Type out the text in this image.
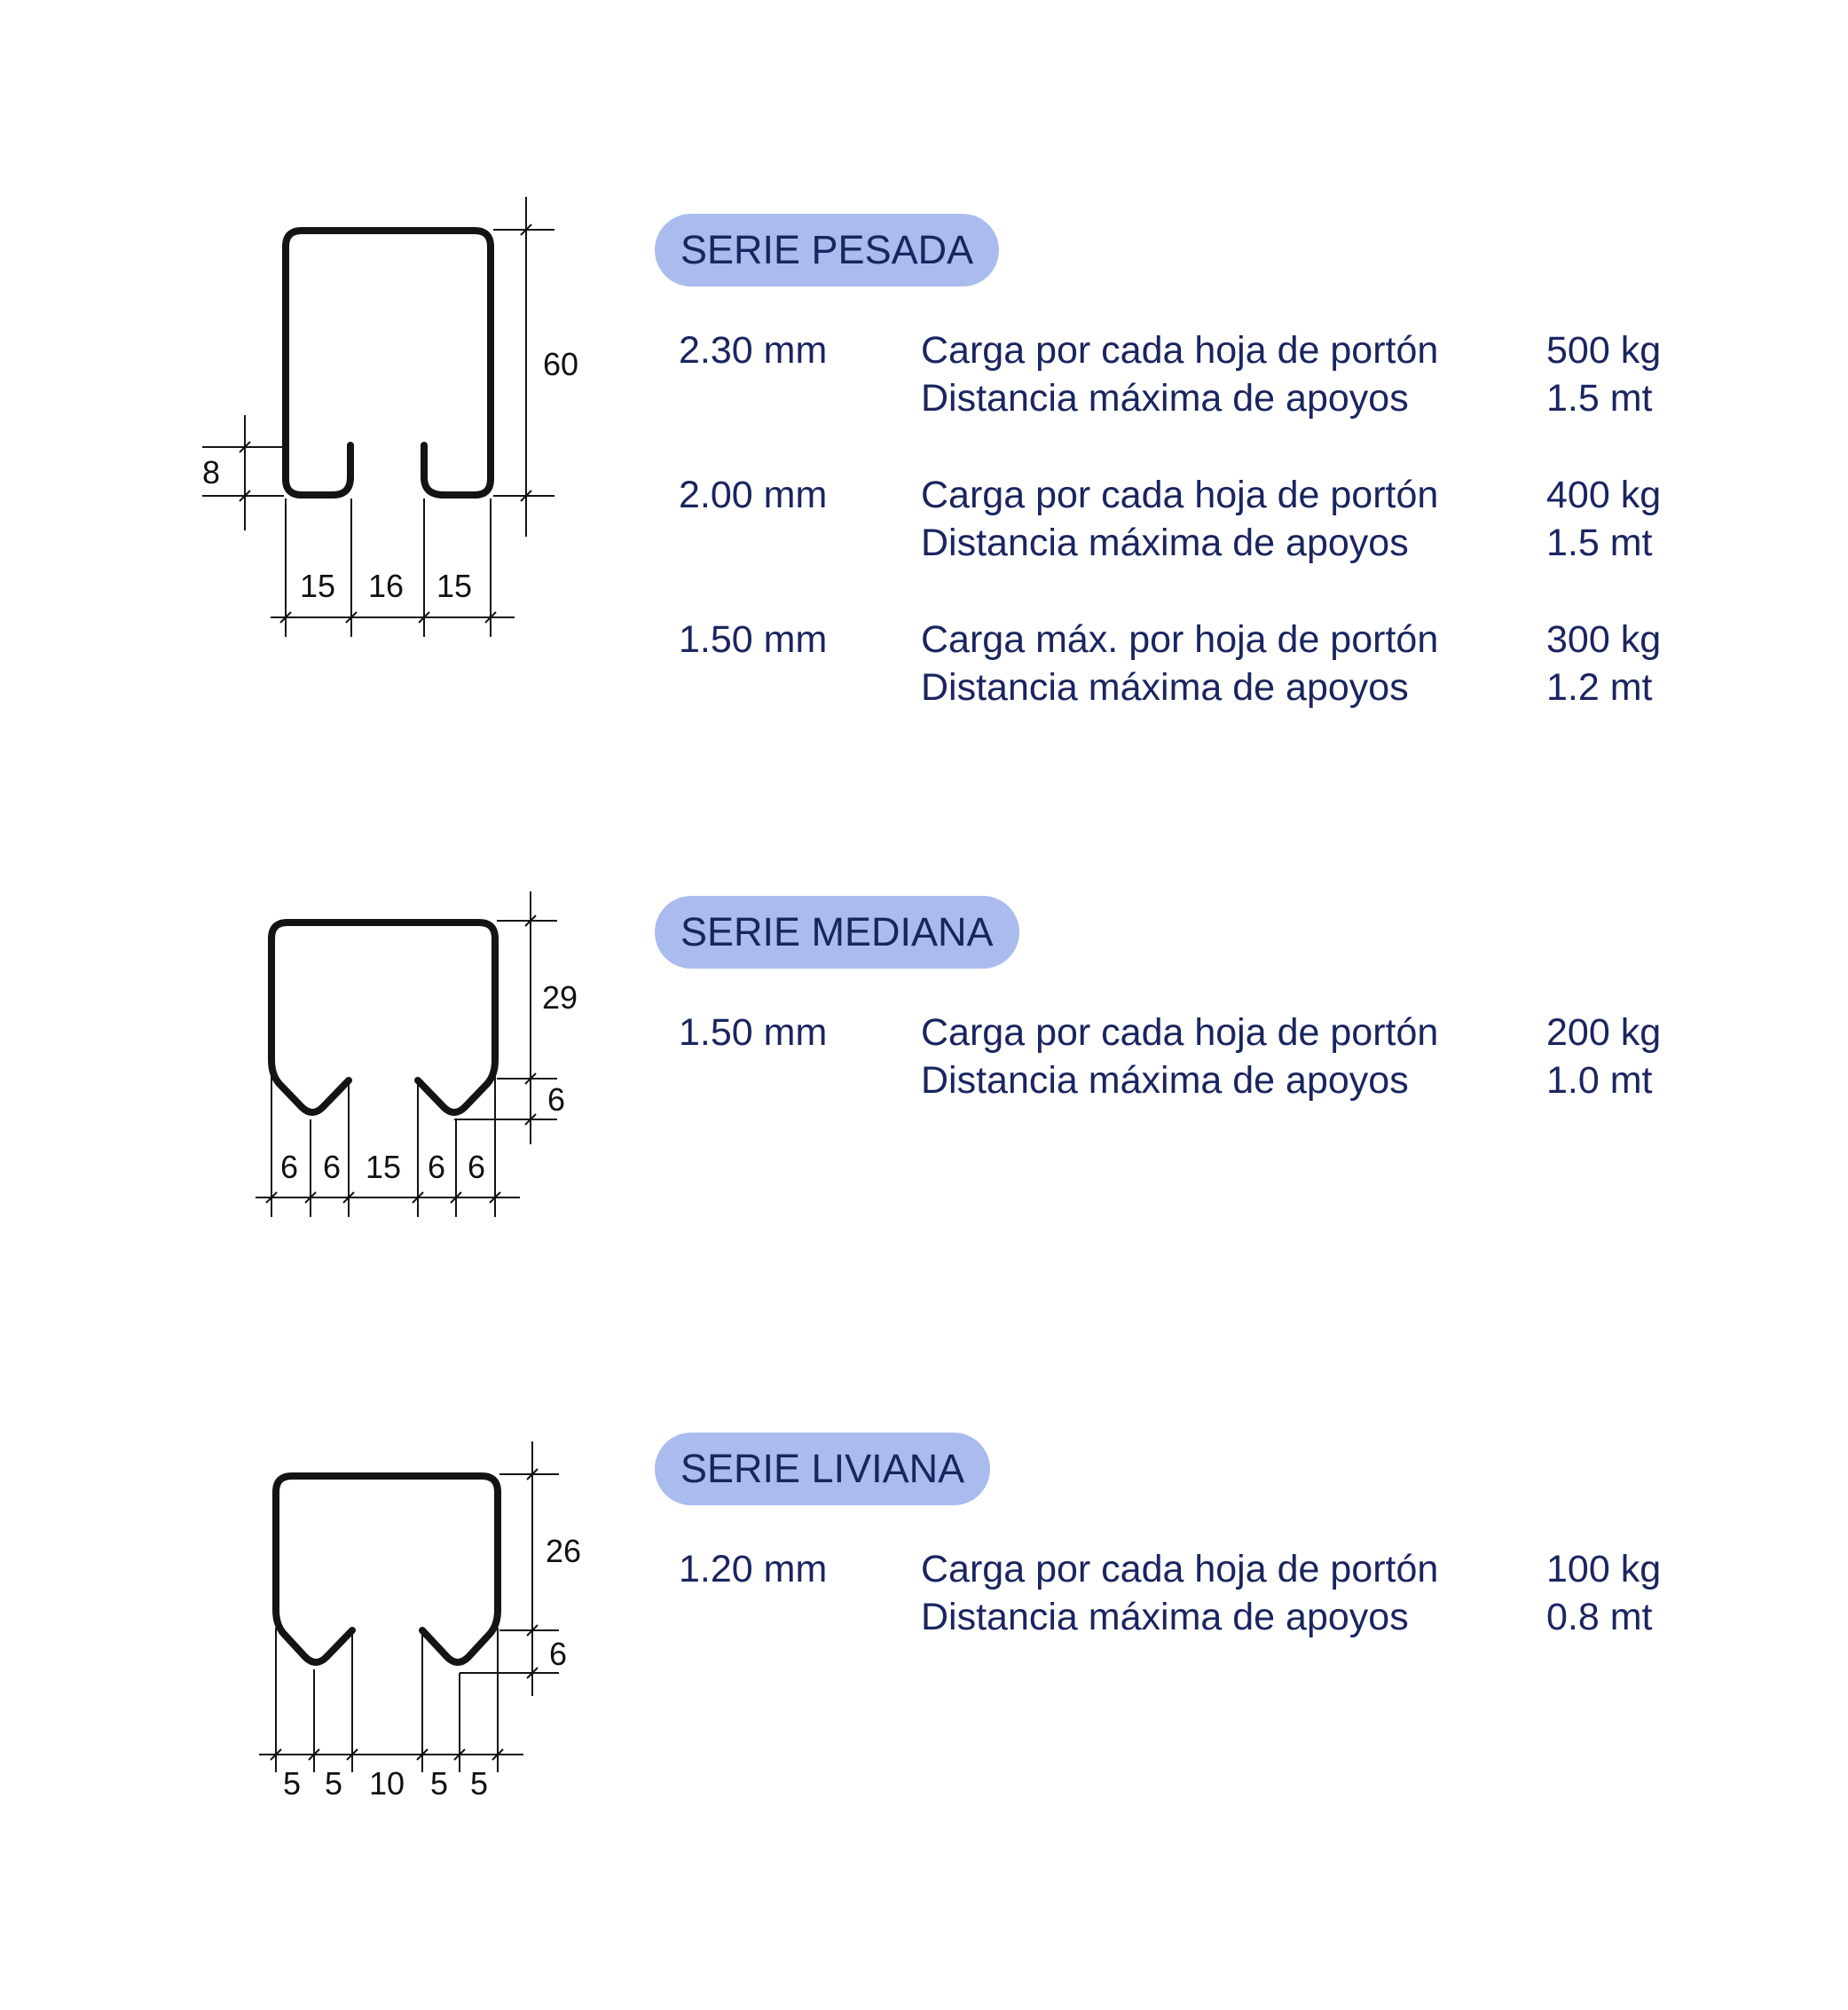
60
8
15 16 15
29
6
6 6 15 6 6
26
6
5 5 10 5 5
SERIE PESADA
2.30 mm Carga por cada hoja de portón	500 kg
Distancia máxima de apoyos	1.5 mt
2.00 mm Carga por cada hoja de portón	400 kg
Distancia máxima de apoyos	1.5 mt
1.50 mm Carga máx. por hoja de portón	300 kg
Distancia máxima de apoyos	1.2 mt
SERIE MEDIANA
1.50 mm Carga por cada hoja de portón	200 kg
Distancia máxima de apoyos	1.0 mt
SERIE LIVIANA
1.20 mm Carga por cada hoja de portón	100 kg
Distancia máxima de apoyos	0.8 mt
